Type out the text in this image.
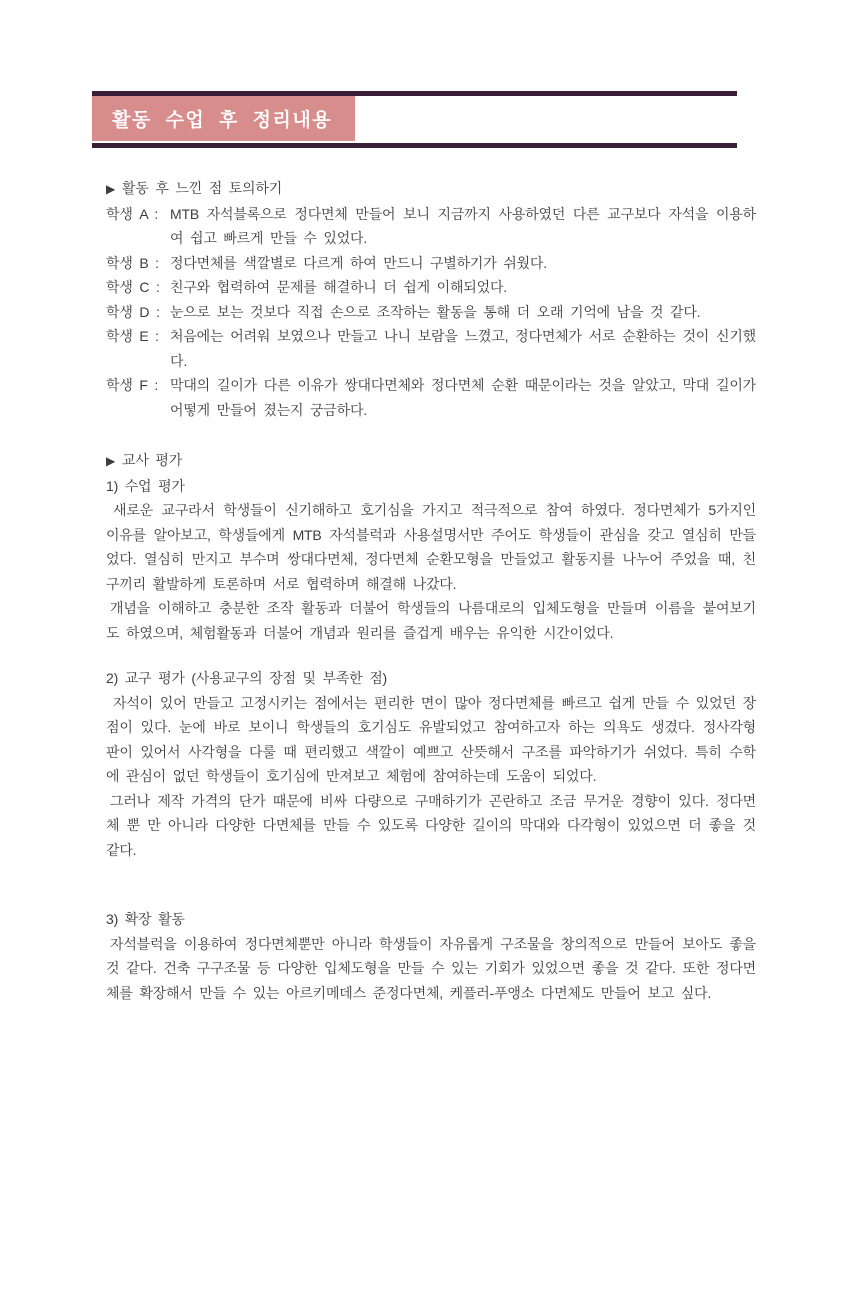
활동 수업 후 정리내용
▶ 활동 후 느낀 점 토의하기
학생 A : MTB 자석블록으로 정다면체 만들어 보니 지금까지 사용하였던 다른 교구보다 자석을 이용하여 쉽고 빠르게 만들 수 있었다.
학생 B : 정다면체를 색깔별로 다르게 하여 만드니 구별하기가 쉬웠다.
학생 C : 친구와 협력하여 문제를 해결하니 더 쉽게 이해되었다.
학생 D : 눈으로 보는 것보다 직접 손으로 조작하는 활동을 통해 더 오래 기억에 남을 것 같다.
학생 E : 처음에는 어려워 보였으나 만들고 나니 보람을 느꼈고, 정다면체가 서로 순환하는 것이 신기했다.
학생 F : 막대의 길이가 다른 이유가 쌍대다면체와 정다면체 순환 때문이라는 것을 알았고, 막대 길이가 어떻게 만들어 졌는지 궁금하다.
▶ 교사 평가
1) 수업 평가

새로운 교구라서 학생들이 신기해하고 호기심을 가지고 적극적으로 참여 하였다. 정다면체가 5가지인 이유를 알아보고, 학생들에게 MTB 자석블럭과 사용설명서만 주어도 학생들이 관심을 갖고 열심히 만들었다. 열심히 만지고 부수며 쌍대다면체, 정다면체 순환모형을 만들었고 활동지를 나누어 주었을 때, 친구끼리 활발하게 토론하며 서로 협력하며 해결해 나갔다.

개념을 이해하고 충분한 조작 활동과 더불어 학생들의 나름대로의 입체도형을 만들며 이름을 붙여보기도 하였으며, 체험활동과 더불어 개념과 원리를 즐겁게 배우는 유익한 시간이었다.

2) 교구 평가 (사용교구의 장점 및 부족한 점)

자석이 있어 만들고 고정시키는 점에서는 편리한 면이 많아 정다면체를 빠르고 쉽게 만들 수 있었던 장점이 있다. 눈에 바로 보이니 학생들의 호기심도 유발되었고 참여하고자 하는 의욕도 생겼다. 정사각형 판이 있어서 사각형을 다룰 때 편리했고 색깔이 예쁘고 산뜻해서 구조를 파악하기가 쉬었다. 특히 수학에 관심이 없던 학생들이 호기심에 만져보고 체험에 참여하는데 도움이 되었다.

그러나 제작 가격의 단가 때문에 비싸 다량으로 구매하기가 곤란하고 조금 무거운 경향이 있다. 정다면체 뿐 만 아니라 다양한 다면체를 만들 수 있도록 다양한 길이의 막대와 다각형이 있었으면 더 좋을 것 같다.

3) 확장 활동

자석블럭을 이용하여 정다면체뿐만 아니라 학생들이 자유롭게 구조물을 창의적으로 만들어 보아도 좋을 것 같다. 건축 구구조물 등 다양한 입체도형을 만들 수 있는 기회가 있었으면 좋을 것 같다. 또한 정다면체를 확장해서 만들 수 있는 아르키메데스 준정다면체, 케플러-푸앵소 다면체도 만들어 보고 싶다.
